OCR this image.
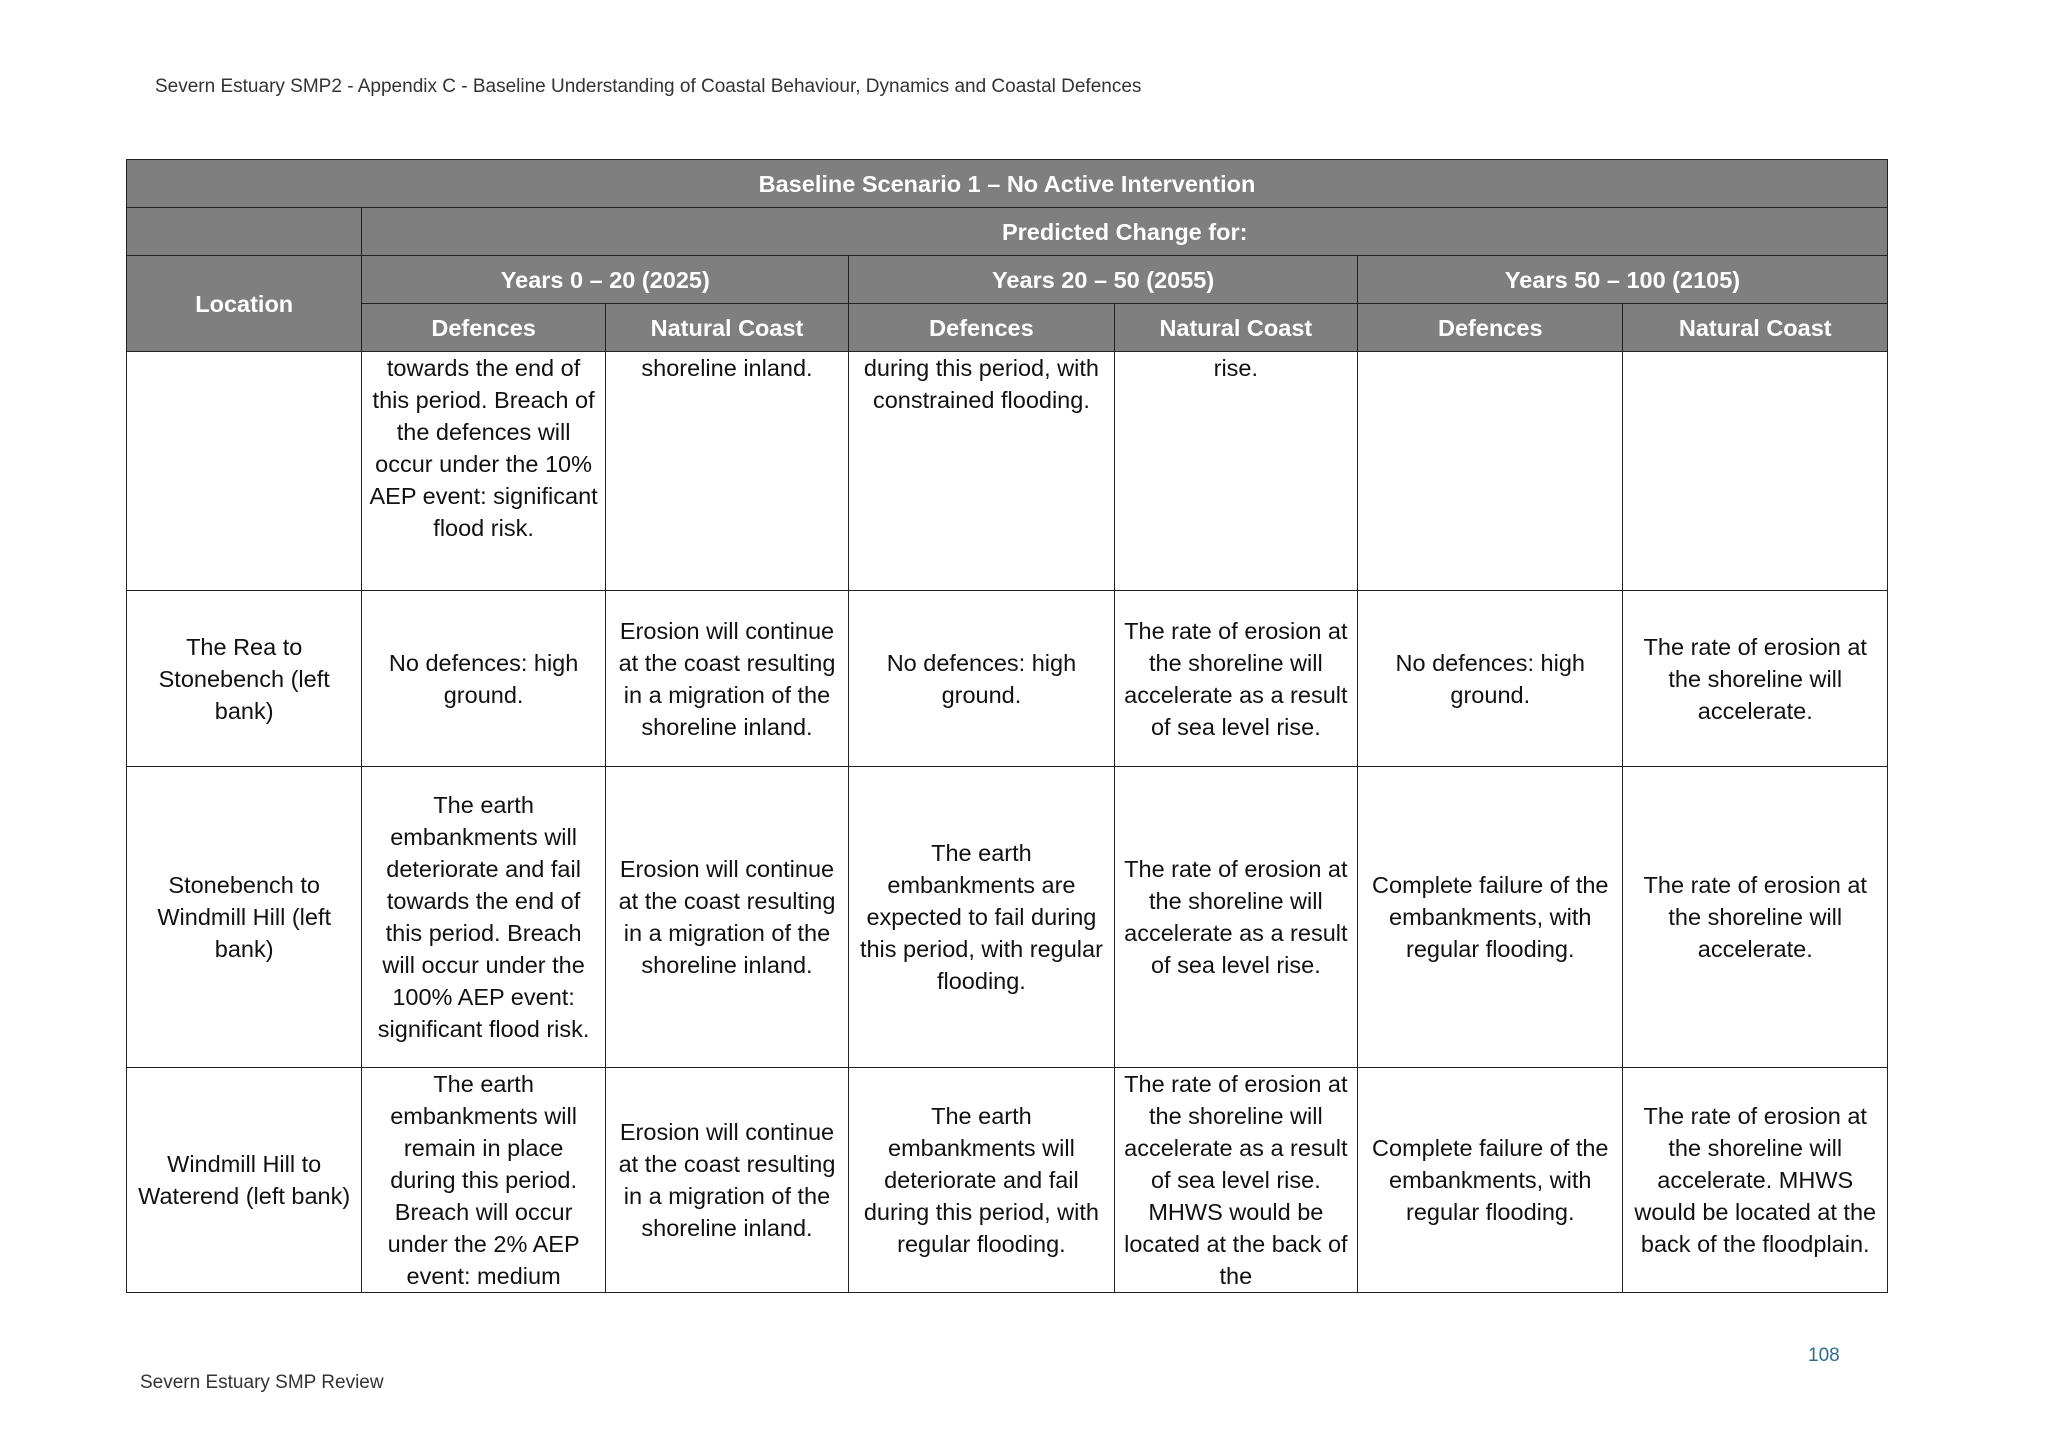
Severn Estuary SMP2 - Appendix C - Baseline Understanding of Coastal Behaviour, Dynamics and Coastal Defences
Baseline Scenario 1 – No Active Intervention						
	Predicted Change for:					
Location	Years 0 – 20 (2025)		Years 20 – 50 (2055)		Years 50 – 100 (2105)	
	Defences	Natural Coast	Defences	Natural Coast	Defences	Natural Coast
	towards the end of this period. Breach of the defences will occur under the 10% AEP event: significant flood risk.	shoreline inland.	during this period, with constrained flooding.	rise.		
The Rea to Stonebench (left bank)	No defences: high ground.	Erosion will continue at the coast resulting in a migration of the shoreline inland.	No defences: high ground.	The rate of erosion at the shoreline will accelerate as a result of sea level rise.	No defences: high ground.	The rate of erosion at the shoreline will accelerate.
Stonebench to Windmill Hill (left bank)	The earth embankments will deteriorate and fail towards the end of this period. Breach will occur under the 100% AEP event: significant flood risk.	Erosion will continue at the coast resulting in a migration of the shoreline inland.	The earth embankments are expected to fail during this period, with regular flooding.	The rate of erosion at the shoreline will accelerate as a result of sea level rise.	Complete failure of the embankments, with regular flooding.	The rate of erosion at the shoreline will accelerate.
Windmill Hill to Waterend (left bank)	The earth embankments will remain in place during this period. Breach will occur under the 2% AEP event: medium	Erosion will continue at the coast resulting in a migration of the shoreline inland.	The earth embankments will deteriorate and fail during this period, with regular flooding.	The rate of erosion at the shoreline will accelerate as a result of sea level rise. MHWS would be located at the back of the	Complete failure of the embankments, with regular flooding.	The rate of erosion at the shoreline will accelerate. MHWS would be located at the back of the floodplain.
108
Severn Estuary SMP Review
